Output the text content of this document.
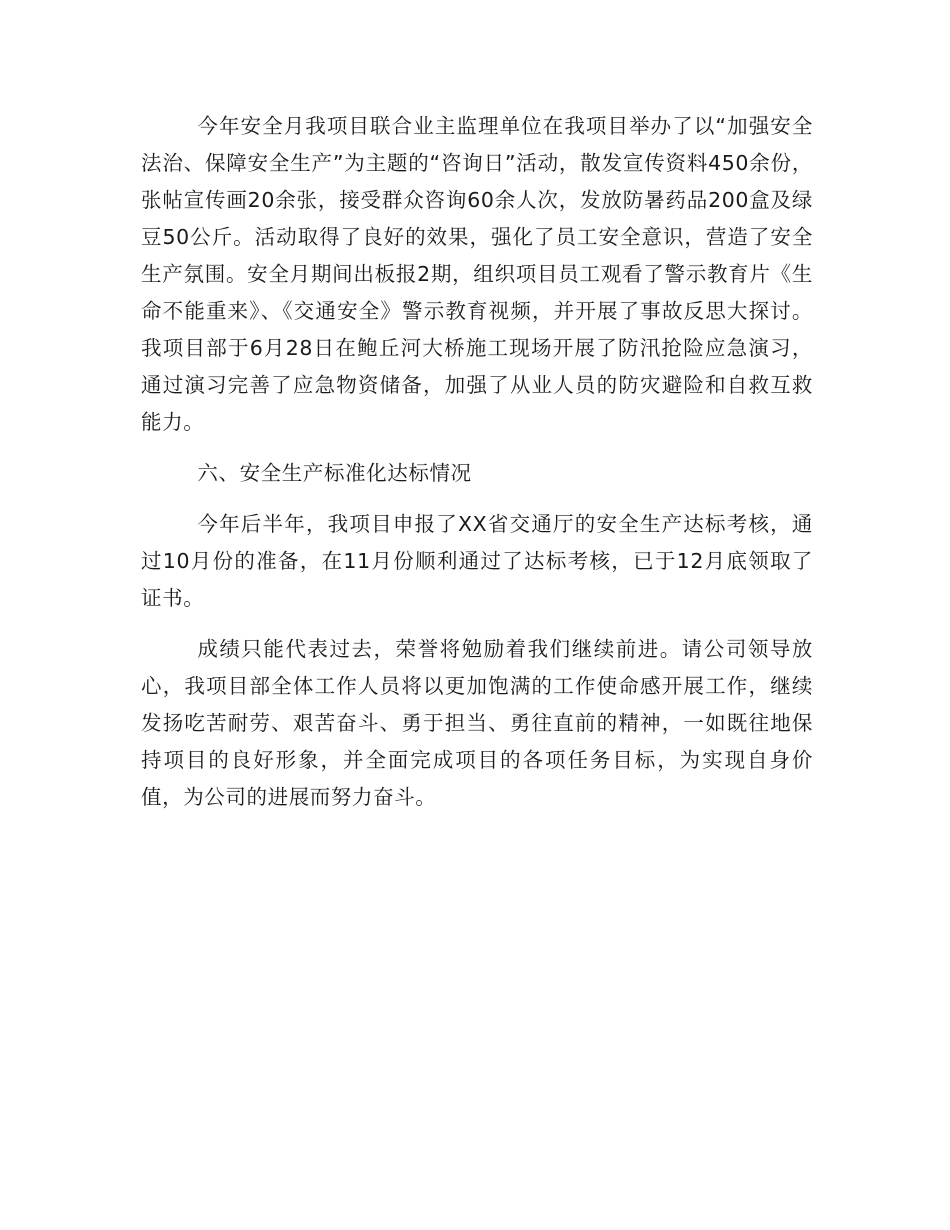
今年安全月我项目联合业主监理单位在我项目举办了以“加强安全法治、保障安全生产”为主题的“咨询日”活动，散发宣传资料450余份，张帖宣传画20余张，接受群众咨询60余人次，发放防暑药品200盒及绿豆50公斤。活动取得了良好的效果，强化了员工安全意识，营造了安全生产氛围。安全月期间出板报2期，组织项目员工观看了警示教育片《生命不能重来》、《交通安全》警示教育视频，并开展了事故反思大探讨。我项目部于6月28日在鲍丘河大桥施工现场开展了防汛抢险应急演习，通过演习完善了应急物资储备，加强了从业人员的防灾避险和自救互救能力。

六、安全生产标准化达标情况

今年后半年，我项目申报了XX省交通厅的安全生产达标考核，通过10月份的准备，在11月份顺利通过了达标考核，已于12月底领取了证书。

成绩只能代表过去，荣誉将勉励着我们继续前进。请公司领导放心，我项目部全体工作人员将以更加饱满的工作使命感开展工作，继续发扬吃苦耐劳、艰苦奋斗、勇于担当、勇往直前的精神，一如既往地保持项目的良好形象，并全面完成项目的各项任务目标，为实现自身价值，为公司的进展而努力奋斗。
